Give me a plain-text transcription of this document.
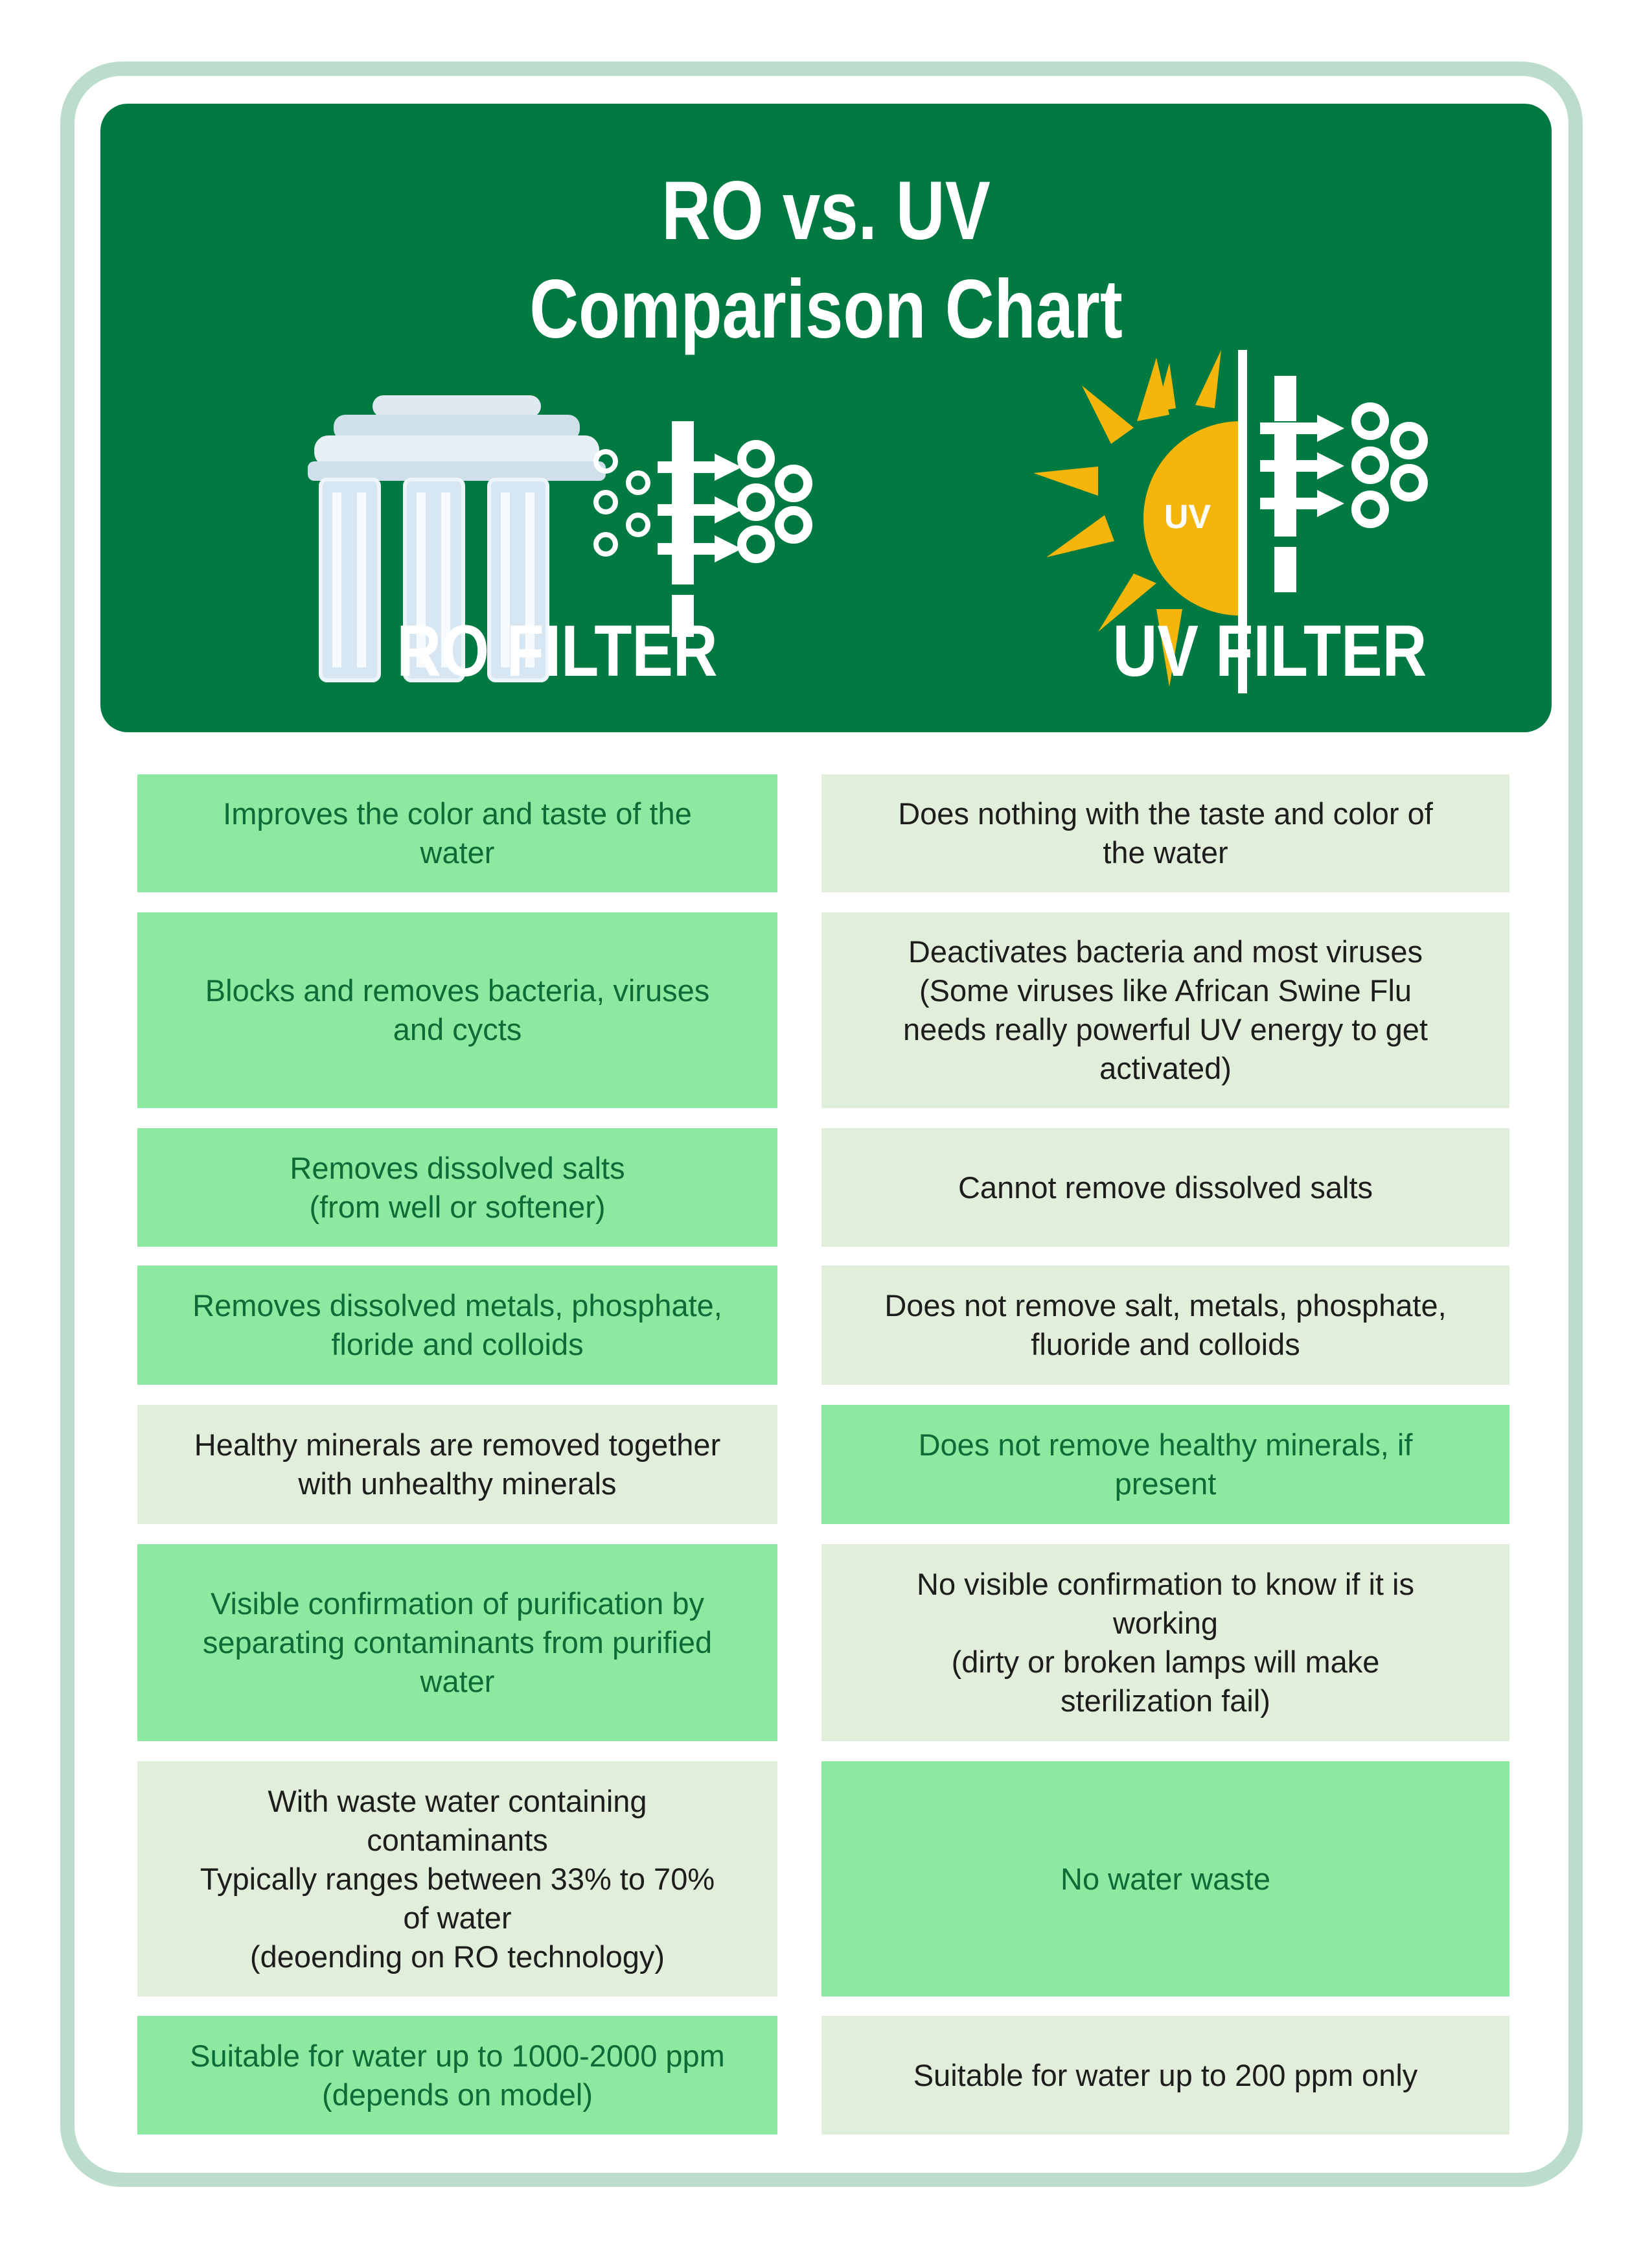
RO vs. UV
Comparison Chart
UV
RO FILTER	UV FILTER
Improves the color and taste of the
water
Does nothing with the taste and color of
the water
Blocks and removes bacteria, viruses
and cycts
Deactivates bacteria and most viruses
(Some viruses like African Swine Flu
needs really powerful UV energy to get
activated)
Removes dissolved salts
(from well or softener)
Cannot remove dissolved salts
Removes dissolved metals, phosphate,
floride and colloids
Does not remove salt, metals, phosphate,
fluoride and colloids
Healthy minerals are removed together
with unhealthy minerals
Does not remove healthy minerals, if
present
Visible confirmation of purification by
separating contaminants from purified
water
No visible confirmation to know if it is
working
(dirty or broken lamps will make
sterilization fail)
With waste water containing
contaminants
Typically ranges between 33% to 70%
of water
(deoending on RO technology)
No water waste
Suitable for water up to 1000-2000 ppm
(depends on model)
Suitable for water up to 200 ppm only
